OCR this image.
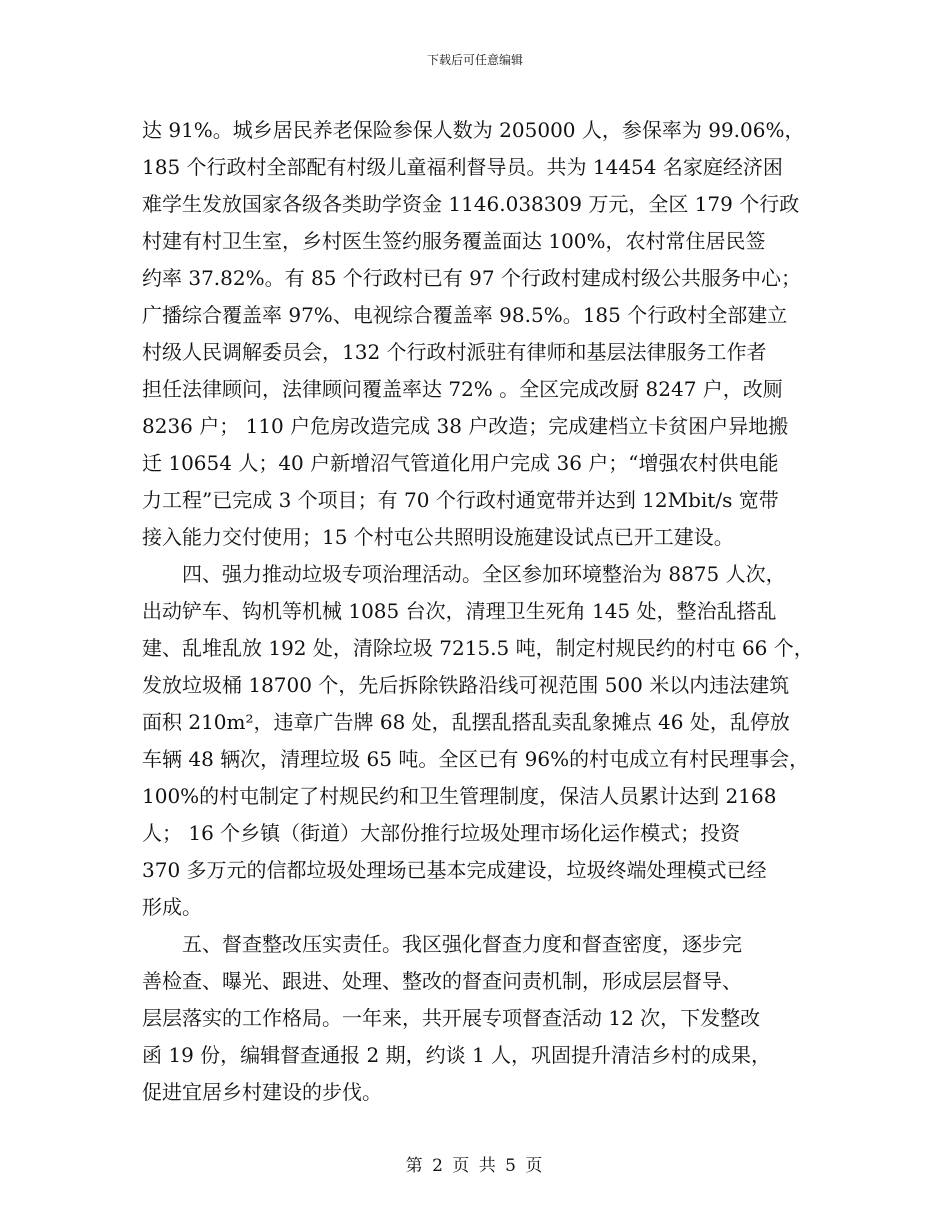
下载后可任意编辑
达 91%。城乡居民养老保险参保人数为 205000 人，参保率为 99.06%，
185 个行政村全部配有村级儿童福利督导员。共为 14454 名家庭经济困
难学生发放国家各级各类助学资金 1146.038309 万元，全区 179 个行政
村建有村卫生室，乡村医生签约服务覆盖面达 100%，农村常住居民签
约率 37.82%。有 85 个行政村已有 97 个行政村建成村级公共服务中心；
广播综合覆盖率 97%、电视综合覆盖率 98.5%。185 个行政村全部建立
村级人民调解委员会，132 个行政村派驻有律师和基层法律服务工作者
担任法律顾问，法律顾问覆盖率达 72% 。全区完成改厨 8247 户，改厕
8236 户； 110 户危房改造完成 38 户改造；完成建档立卡贫困户异地搬
迁 10654 人；40 户新增沼气管道化用户完成 36 户；“增强农村供电能
力工程”已完成 3 个项目；有 70 个行政村通宽带并达到 12Mbit/s 宽带
接入能力交付使用；15 个村屯公共照明设施建设试点已开工建设。
四、强力推动垃圾专项治理活动。全区参加环境整治为 8875 人次，
出动铲车、钩机等机械 1085 台次，清理卫生死角 145 处，整治乱搭乱
建、乱堆乱放 192 处，清除垃圾 7215.5 吨，制定村规民约的村屯 66 个，
发放垃圾桶 18700 个，先后拆除铁路沿线可视范围 500 米以内违法建筑
面积 210m²，违章广告牌 68 处，乱摆乱搭乱卖乱象摊点 46 处，乱停放
车辆 48 辆次，清理垃圾 65 吨。全区已有 96%的村屯成立有村民理事会，
100%的村屯制定了村规民约和卫生管理制度，保洁人员累计达到 2168
人； 16 个乡镇（街道）大部份推行垃圾处理市场化运作模式；投资
370 多万元的信都垃圾处理场已基本完成建设，垃圾终端处理模式已经
形成。
五、督查整改压实责任。我区强化督查力度和督查密度，逐步完
善检查、曝光、跟进、处理、整改的督查问责机制，形成层层督导、
层层落实的工作格局。一年来，共开展专项督查活动 12 次，下发整改
函 19 份，编辑督查通报 2 期，约谈 1 人，巩固提升清洁乡村的成果，
促进宜居乡村建设的步伐。
第 2 页 共 5 页
